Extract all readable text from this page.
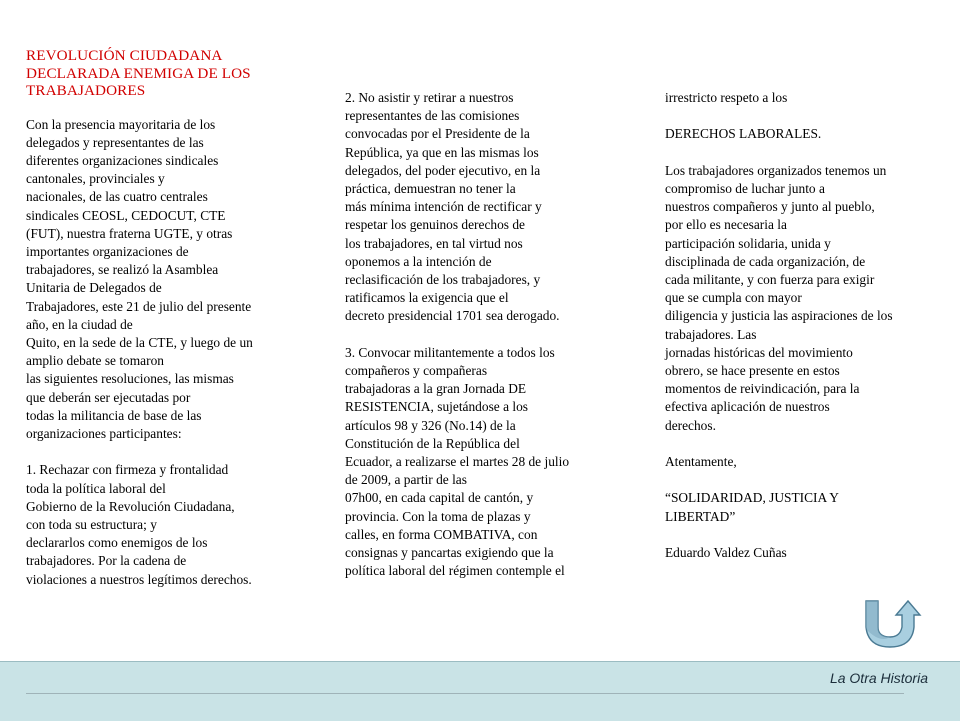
REVOLUCIÓN CIUDADANA
DECLARADA ENEMIGA DE LOS
TRABAJADORES
Con la presencia mayoritaria de los
delegados y representantes de las
diferentes organizaciones sindicales
cantonales, provinciales y
nacionales, de las cuatro centrales
sindicales CEOSL, CEDOCUT, CTE
(FUT), nuestra fraterna UGTE, y otras
importantes organizaciones de
trabajadores, se realizó la Asamblea
Unitaria de Delegados de
Trabajadores, este 21 de julio del presente
año, en la ciudad de
Quito, en la sede de la CTE, y luego de un
amplio debate se tomaron
las siguientes resoluciones, las mismas
que deberán ser ejecutadas por
todas la militancia de base de las
organizaciones participantes:
1. Rechazar con firmeza y frontalidad
toda la política laboral del
Gobierno de la Revolución Ciudadana,
con toda su estructura; y
declararlos como enemigos de los
trabajadores. Por la cadena de
violaciones a nuestros legítimos derechos.
2. No asistir y retirar a nuestros
representantes de las comisiones
convocadas por el Presidente de la
República, ya que en las mismas los
delegados, del poder ejecutivo, en la
práctica, demuestran no tener la
más mínima intención de rectificar y
respetar los genuinos derechos de
los trabajadores, en tal virtud nos
oponemos a la intención de
reclasificación de los trabajadores, y
ratificamos la exigencia que el
decreto presidencial 1701 sea derogado.
3. Convocar militantemente a todos los
compañeros y compañeras
trabajadoras a la gran Jornada DE
RESISTENCIA, sujetándose a los
artículos 98 y 326 (No.14) de la
Constitución de la República del
Ecuador, a realizarse el martes 28 de julio
de 2009, a partir de las
07h00, en cada capital de cantón, y
provincia. Con la toma de plazas y
calles, en forma COMBATIVA, con
consignas y pancartas exigiendo que la
política laboral del régimen contemple el
irrestricto respeto a los
DERECHOS LABORALES.
Los trabajadores organizados tenemos un
compromiso de luchar junto a
nuestros compañeros y junto al pueblo,
por ello es necesaria la
participación solidaria, unida y
disciplinada de cada organización, de
cada militante, y con fuerza para exigir
que se cumpla con mayor
diligencia y justicia las aspiraciones de los
trabajadores. Las
jornadas históricas del movimiento
obrero, se hace presente en estos
momentos de reivindicación, para la
efectiva aplicación de nuestros
derechos.
Atentamente,
“SOLIDARIDAD, JUSTICIA Y
LIBERTAD”
Eduardo Valdez Cuñas
La Otra Historia
